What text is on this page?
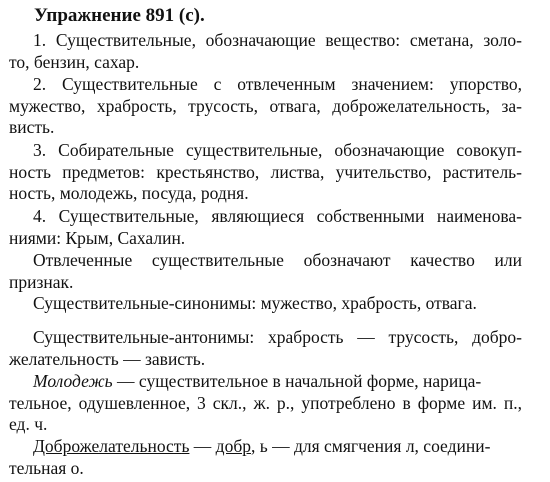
Упражнение 891 (с).
1. Существительные, обозначающие вещество: сметана, золо-
то, бензин, сахар.
2. Существительные с отвлеченным значением: упорство,
мужество, храбрость, трусость, отвага, доброжелательность, за-
висть.
3. Собирательные существительные, обозначающие совокуп-
ность предметов: крестьянство, листва, учительство, раститель-
ность, молодежь, посуда, родня.
4. Существительные, являющиеся собственными наименова-
ниями: Крым, Сахалин.
Отвлеченные существительные обозначают качество или
признак.
Существительные-синонимы: мужество, храбрость, отвага.
Существительные-антонимы: храбрость — трусость, добро-
желательность — зависть.
Молодежь — существительное в начальной форме, нарица-
тельное, одушевленное, 3 скл., ж. р., употреблено в форме им. п.,
ед. ч.
Доброжелательность — добр, ь — для смягчения л, соедини-
тельная о.
